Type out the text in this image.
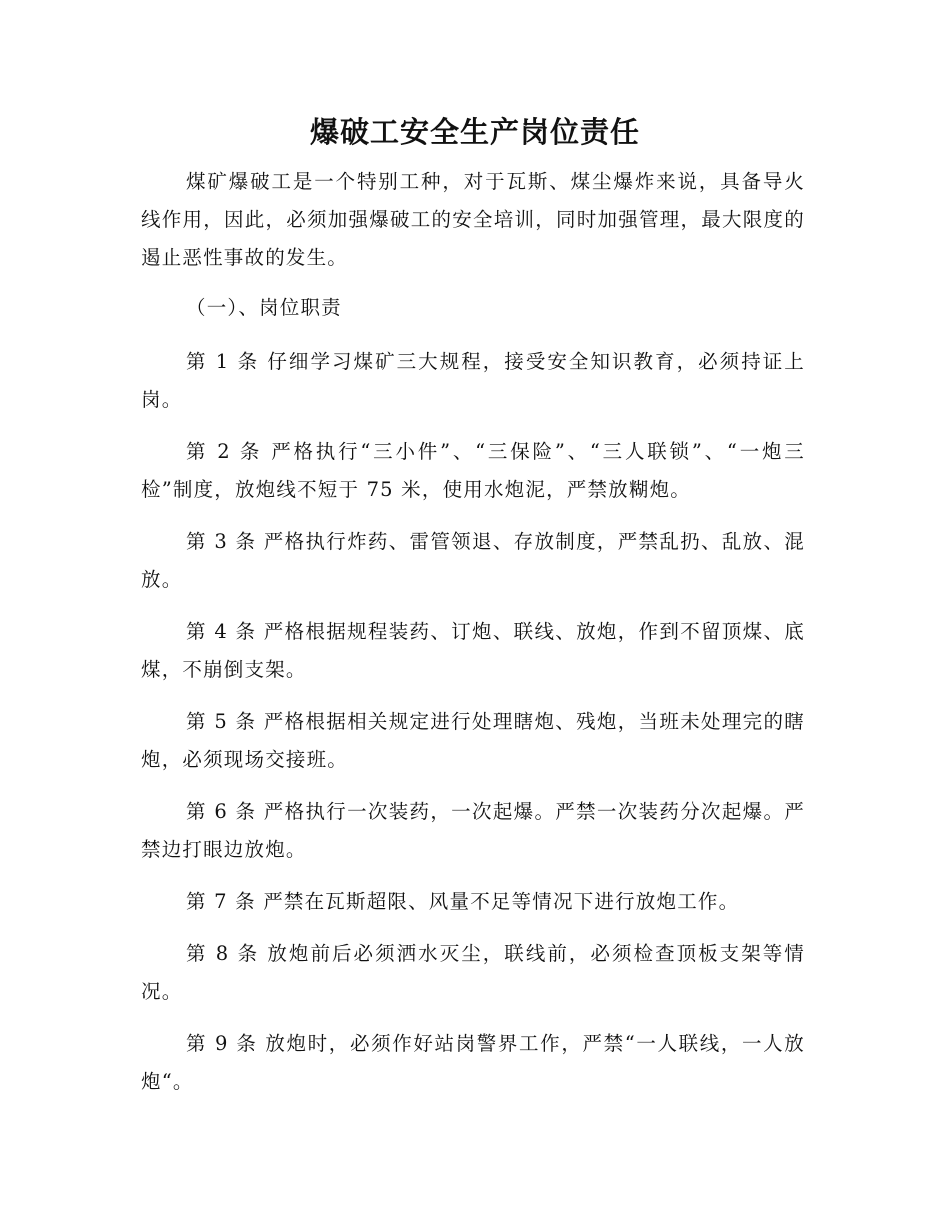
爆破工安全生产岗位责任

煤矿爆破工是一个特别工种，对于瓦斯、煤尘爆炸来说，具备导火线作用，因此，必须加强爆破工的安全培训，同时加强管理，最大限度的遏止恶性事故的发生。

（一）、岗位职责

第 1 条 仔细学习煤矿三大规程，接受安全知识教育，必须持证上岗。

第 2 条 严格执行“三小件”、“三保险”、“三人联锁”、“一炮三检”制度，放炮线不短于 75 米，使用水炮泥，严禁放糊炮。

第 3 条 严格执行炸药、雷管领退、存放制度，严禁乱扔、乱放、混放。

第 4 条 严格根据规程装药、订炮、联线、放炮，作到不留顶煤、底煤，不崩倒支架。

第 5 条 严格根据相关规定进行处理瞎炮、残炮，当班未处理完的瞎炮，必须现场交接班。

第 6 条 严格执行一次装药，一次起爆。严禁一次装药分次起爆。严禁边打眼边放炮。

第 7 条 严禁在瓦斯超限、风量不足等情况下进行放炮工作。

第 8 条 放炮前后必须洒水灭尘，联线前，必须检查顶板支架等情况。

第 9 条 放炮时，必须作好站岗警界工作，严禁“一人联线，一人放炮“。
